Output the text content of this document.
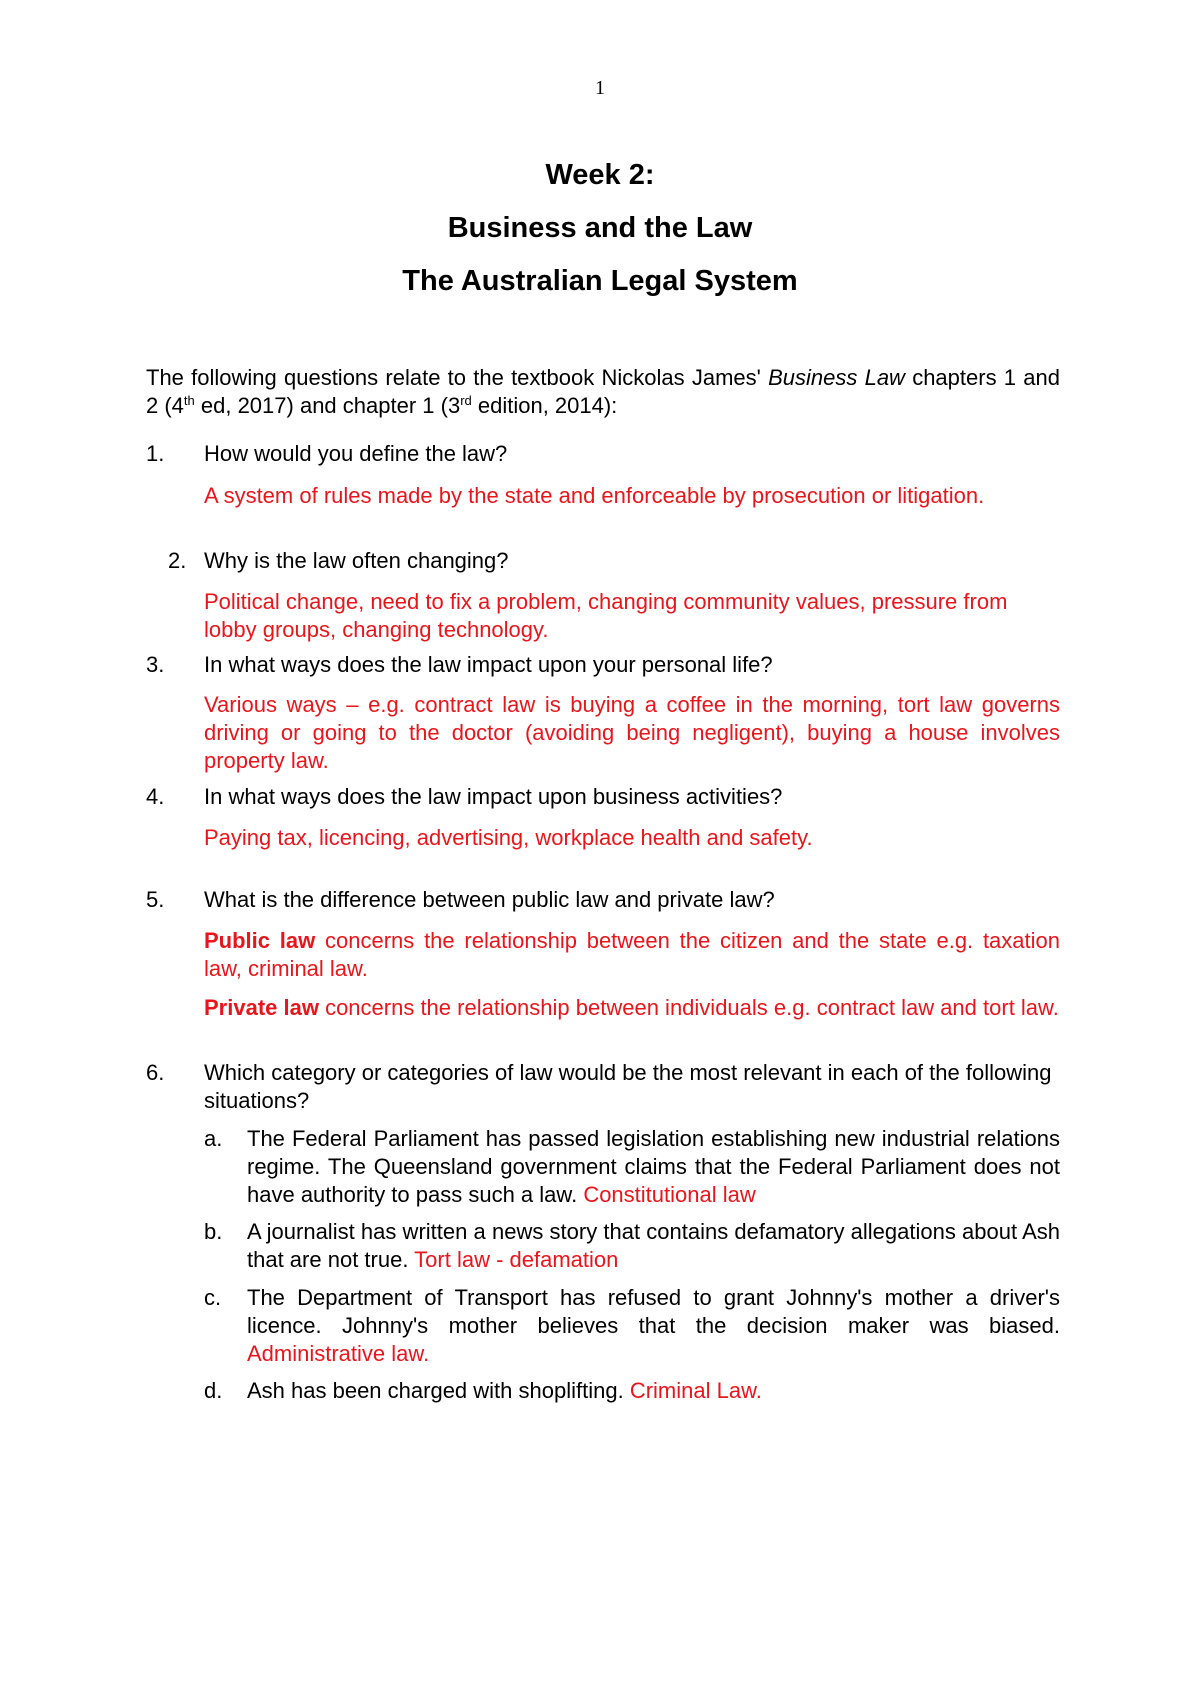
1
Week 2:
Business and the Law
The Australian Legal System
The following questions relate to the textbook Nickolas James' Business Law chapters 1 and 2 (4th ed, 2017) and chapter 1 (3rd edition, 2014):
1. How would you define the law?
A system of rules made by the state and enforceable by prosecution or litigation.
2. Why is the law often changing?
Political change, need to fix a problem, changing community values, pressure from lobby groups, changing technology.
3. In what ways does the law impact upon your personal life?
Various ways – e.g. contract law is buying a coffee in the morning, tort law governs driving or going to the doctor (avoiding being negligent), buying a house involves property law.
4. In what ways does the law impact upon business activities?
Paying tax, licencing, advertising, workplace health and safety.
5. What is the difference between public law and private law?
Public law concerns the relationship between the citizen and the state e.g. taxation law, criminal law.
Private law concerns the relationship between individuals e.g. contract law and tort law.
6. Which category or categories of law would be the most relevant in each of the following situations?
a. The Federal Parliament has passed legislation establishing new industrial relations regime. The Queensland government claims that the Federal Parliament does not have authority to pass such a law. Constitutional law
b. A journalist has written a news story that contains defamatory allegations about Ash that are not true. Tort law - defamation
c. The Department of Transport has refused to grant Johnny's mother a driver's licence. Johnny's mother believes that the decision maker was biased. Administrative law.
d. Ash has been charged with shoplifting. Criminal Law.
